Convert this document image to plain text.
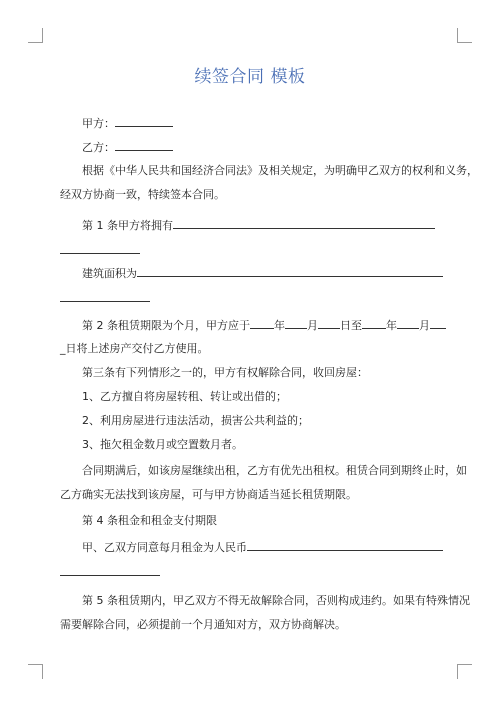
续签合同 模板
甲方：
乙方：
根据《中华人民共和国经济合同法》及相关规定，为明确甲乙双方的权利和义务，
经双方协商一致，特续签本合同。
第 1 条甲方将拥有
建筑面积为
第 2 条租赁期限为个月，甲方应于 年 月 日至 年 月
_日将上述房产交付乙方使用。
第三条有下列情形之一的，甲方有权解除合同，收回房屋：
1、乙方擅自将房屋转租、转让或出借的；
2、利用房屋进行违法活动，损害公共利益的；
3、拖欠租金数月或空置数月者。
合同期满后，如该房屋继续出租，乙方有优先出租权。租赁合同到期终止时，如
乙方确实无法找到该房屋，可与甲方协商适当延长租赁期限。
第 4 条租金和租金支付期限
甲、乙双方同意每月租金为人民币
第 5 条租赁期内，甲乙双方不得无故解除合同，否则构成违约。如果有特殊情况
需要解除合同，必须提前一个月通知对方，双方协商解决。
